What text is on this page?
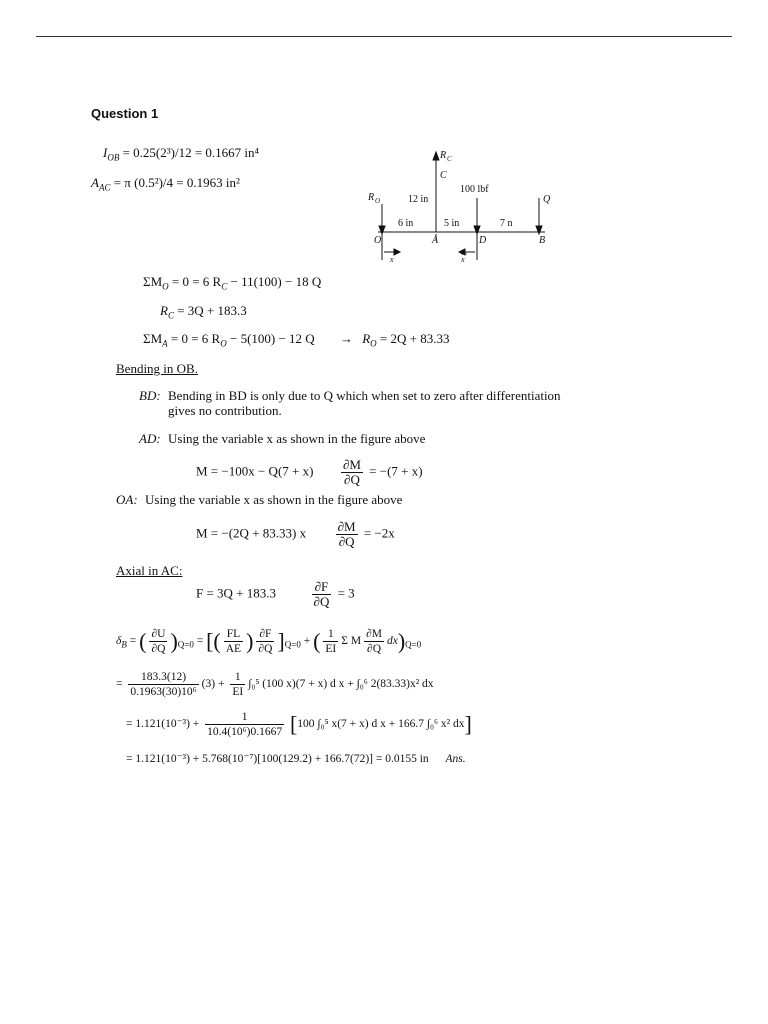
Question 1
$I_{OB} = 0.25(2^3)/12 = 0.1667$ in⁴
$A_{AC} = \pi$ (0.5²)/4 = 0.1963 in²
R C
C
R O	12 in
100 lbf
Q
6 in	5 in	7 n
O	A	D	B
x	x
$\Sigma M_O = 0 = 6$ $R_C - 11(100) - 18$ Q
$R_C = 3Q + 183.3$
$\Sigma M_A = 0 = 6$ $R_O - 5(100) - 12$ $Q \to R_O = 2Q + 83.33$
Bending in OB.
BD: Bending in BD is only due to Q which when set to zero after differentiation
gives no contribution.
AD: Using the variable x as shown in the figure above
$M = -100x - Q(7 + x) \frac{\partial M}{\partial Q} = -(7 + x)$
OA: Using the variable x as shown in the figure above
M = −(2Q + 83.33) x $\frac{\partial M}{\partial Q} = -2x$
Axial in AC:
F = 3Q + 183.3	$\frac{\partial F}{\partial Q} = 3$
$\delta_B$ = ( $\frac{\partial U}{\partial Q} )_{Q=0}$ = [( $\frac{FL}{AE}$ ) $\frac{\partial F}{\partial Q} ]_{Q=0}$ + ( $\frac{1}{EI}$ Σ M $\frac{\partial M}{\partial Q} dx)_{Q=0}$
= $\frac{183.3(12)}{\text{0.1963(30)10⁶}} (3) + \frac{1}{EI} \int_0^5$ (100 x)(7 + x) d x + ∫₀⁶ 2(83.33)x² dx
= $1.121(10^{-3}) + \frac{1}{\text{10.4(10⁶)0.1667}} [100$ ∫₀⁵ x(7 + x) d x + 166.7 ∫₀⁶ x² dx]
= 1.121(10⁻³) + 5.768(10⁻⁷)[100(129.2) + 166.7(72)] = 0.0155 in Ans.
